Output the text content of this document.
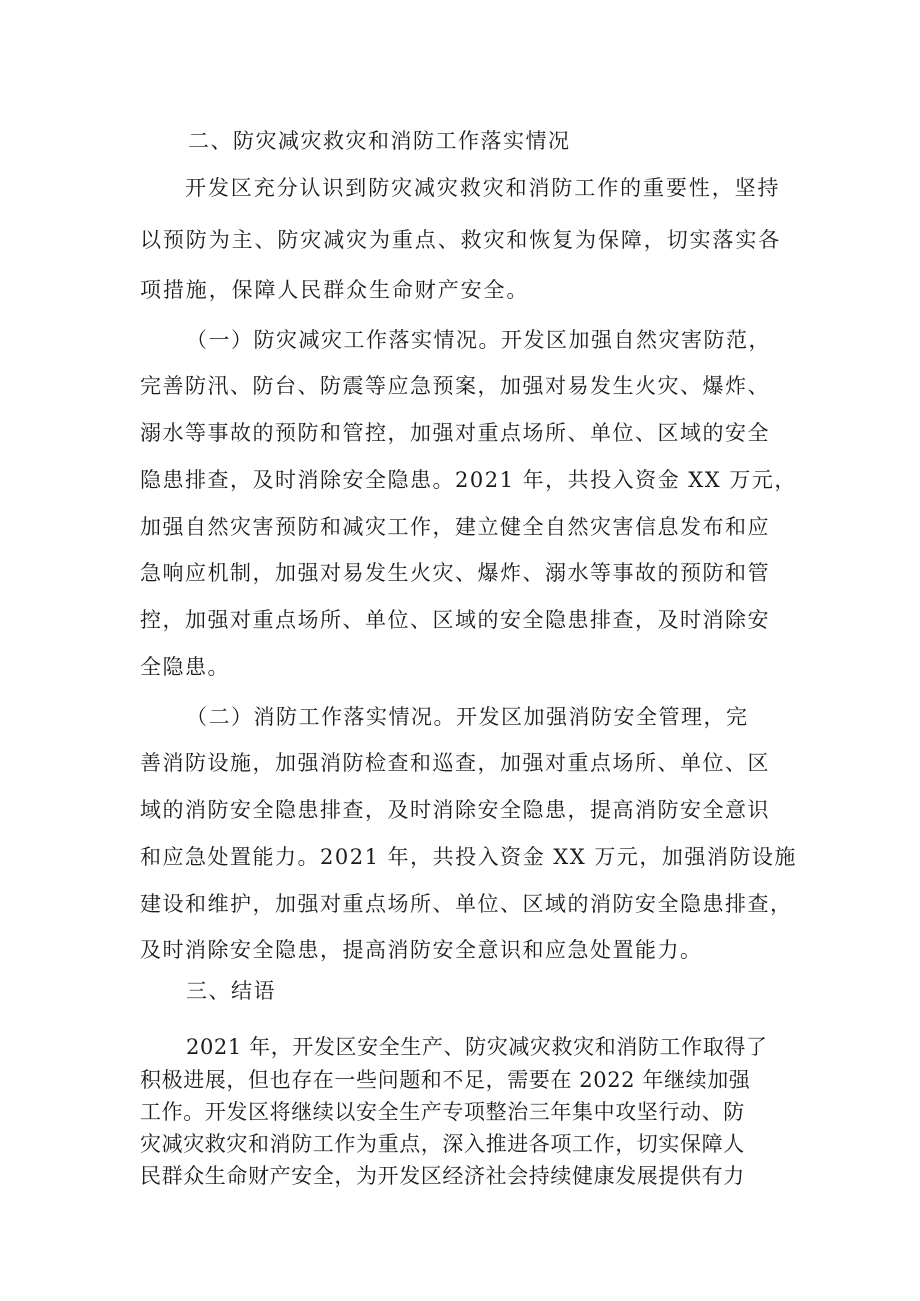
二、防灾减灾救灾和消防工作落实情况
开发区充分认识到防灾减灾救灾和消防工作的重要性，坚持
以预防为主、防灾减灾为重点、救灾和恢复为保障，切实落实各
项措施，保障人民群众生命财产安全。
（一）防灾减灾工作落实情况。开发区加强自然灾害防范，
完善防汛、防台、防震等应急预案，加强对易发生火灾、爆炸、
溺水等事故的预防和管控，加强对重点场所、单位、区域的安全
隐患排查，及时消除安全隐患。2021 年，共投入资金 XX 万元，
加强自然灾害预防和减灾工作，建立健全自然灾害信息发布和应
急响应机制，加强对易发生火灾、爆炸、溺水等事故的预防和管
控，加强对重点场所、单位、区域的安全隐患排查，及时消除安
全隐患。
（二）消防工作落实情况。开发区加强消防安全管理，完
善消防设施，加强消防检查和巡查，加强对重点场所、单位、区
域的消防安全隐患排查，及时消除安全隐患，提高消防安全意识
和应急处置能力。2021 年，共投入资金 XX 万元，加强消防设施
建设和维护，加强对重点场所、单位、区域的消防安全隐患排查，
及时消除安全隐患，提高消防安全意识和应急处置能力。
三、结语
2021 年，开发区安全生产、防灾减灾救灾和消防工作取得了
积极进展，但也存在一些问题和不足，需要在 2022 年继续加强
工作。开发区将继续以安全生产专项整治三年集中攻坚行动、防
灾减灾救灾和消防工作为重点，深入推进各项工作，切实保障人
民群众生命财产安全，为开发区经济社会持续健康发展提供有力
